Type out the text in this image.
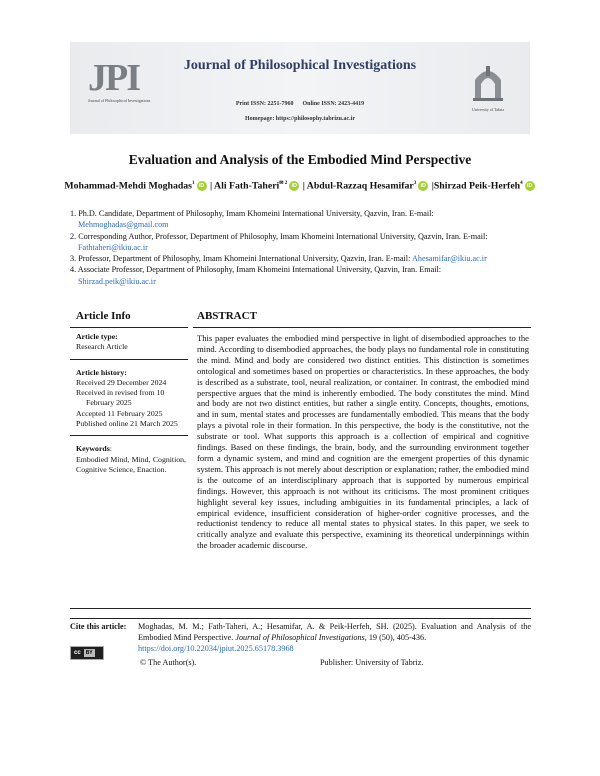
JPI
Journal of Philosophical Investigations
Journal of Philosophical Investigations
Print ISSN: 2251-7960      Online ISSN: 2423-4419
Homepage: https://philosophy.tabrizu.ac.ir
University of Tabriz
Evaluation and Analysis of the Embodied Mind Perspective
Mohammad-Mehdi Moghadas$^1$ iD | Ali Fath-Taheri$^{✉ 2}$ iD | Abdul-Razzaq Hesamifar$^3$ iD |Shirzad Peik-Herfeh$^4$ iD
1. Ph.D. Candidate, Department of Philosophy, Imam Khomeini International University, Qazvin, Iran. E-mail:
Mehmoghadas@gmail.com
2. Corresponding Author, Professor, Department of Philosophy, Imam Khomeini International University, Qazvin, Iran. E-mail:
Fathtaheri@ikiu.ac.ir
3. Professor, Department of Philosophy, Imam Khomeini International University, Qazvin, Iran. E-mail: Ahesamifar@ikiu.ac.ir
4. Associate Professor, Department of Philosophy, Imam Khomeini International University, Qazvin, Iran. Email:
Shirzad.peik@ikiu.ac.ir
Article Info
Article type:
Research Article
Article history:
Received 29 December 2024
Received in revised from 10 February 2025
Accepted 11 February 2025
Published online 21 March 2025
Keywords:
Embodied Mind, Mind, Cognition, Cognitive Science, Enaction.
ABSTRACT
This paper evaluates the embodied mind perspective in light of disembodied approaches to the mind. According to disembodied approaches, the body plays no fundamental role in constituting the mind. Mind and body are considered two distinct entities. This distinction is sometimes ontological and sometimes based on properties or characteristics. In these approaches, the body is described as a substrate, tool, neural realization, or container. In contrast, the embodied mind perspective argues that the mind is inherently embodied. The body constitutes the mind. Mind and body are not two distinct entities, but rather a single entity. Concepts, thoughts, emotions, and in sum, mental states and processes are fundamentally embodied. This means that the body plays a pivotal role in their formation. In this perspective, the body is the constitutive, not the substrate or tool. What supports this approach is a collection of empirical and cognitive findings. Based on these findings, the brain, body, and the surrounding environment together form a dynamic system, and mind and cognition are the emergent properties of this dynamic system. This approach is not merely about description or explanation; rather, the embodied mind is the outcome of an interdisciplinary approach that is supported by numerous empirical findings. However, this approach is not without its criticisms. The most prominent critiques highlight several key issues, including ambiguities in its fundamental principles, a lack of empirical evidence, insufficient consideration of higher-order cognitive processes, and the reductionist tendency to reduce all mental states to physical states. In this paper, we seek to critically analyze and evaluate this perspective, examining its theoretical underpinnings within the broader academic discourse.
Cite this article: Moghadas, M. M.; Fath-Taheri, A.; Hesamifar, A. & Peik-Herfeh, SH. (2025). Evaluation and Analysis of the Embodied Mind Perspective. Journal of Philosophical Investigations, 19 (50), 405-436.
https://doi.org/10.22034/jpiut.2025.65178.3968
cc BY
© The Author(s).	Publisher: University of Tabriz.
